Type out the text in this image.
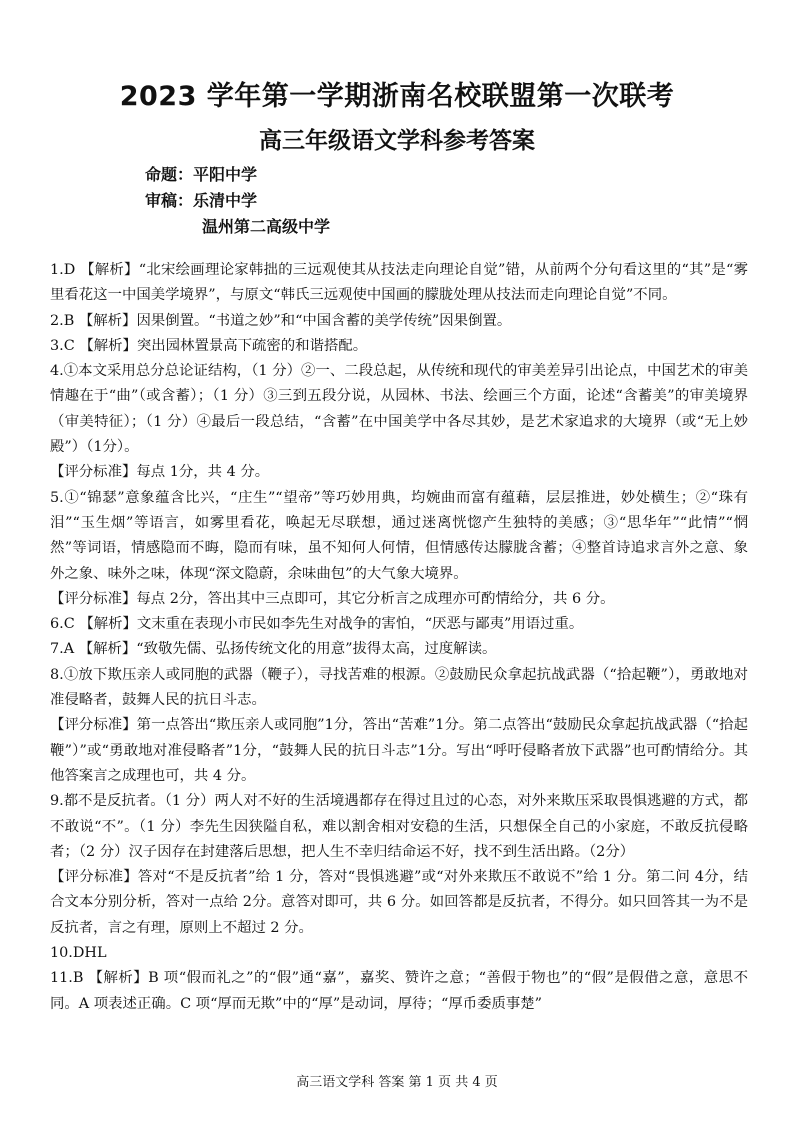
2023 学年第一学期浙南名校联盟第一次联考
高三年级语文学科参考答案
命题：平阳中学
审稿：乐清中学
温州第二高级中学

1.D 【解析】“北宋绘画理论家韩拙的三远观使其从技法走向理论自觉”错，从前两个分句看这里的“其”是“雾里看花这一中国美学境界”，与原文“韩氏三远观使中国画的朦胧处理从技法而走向理论自觉”不同。

2.B 【解析】因果倒置。“书道之妙”和“中国含蓄的美学传统”因果倒置。

3.C 【解析】突出园林置景高下疏密的和谐搭配。

4.①本文采用总分总论证结构，（1 分）②一、二段总起，从传统和现代的审美差异引出论点，中国艺术的审美情趣在于“曲”（或含蓄）；（1 分）③三到五段分说，从园林、书法、绘画三个方面，论述“含蓄美”的审美境界（审美特征）；（1 分）④最后一段总结，“含蓄”在中国美学中各尽其妙，是艺术家追求的大境界（或“无上妙殿”）（1分）。

【评分标准】每点 1分，共 4 分。

5.①“锦瑟”意象蕴含比兴，“庄生”“望帝”等巧妙用典，均婉曲而富有蕴藉，层层推进，妙处横生；②“珠有泪”“玉生烟”等语言，如雾里看花，唤起无尽联想，通过迷离恍惚产生独特的美感；③“思华年”“此情”“惘然”等词语，情感隐而不晦，隐而有味，虽不知何人何情，但情感传达朦胧含蓄；④整首诗追求言外之意、象外之象、味外之味，体现“深文隐蔚，余味曲包”的大气象大境界。

【评分标准】每点 2分，答出其中三点即可，其它分析言之成理亦可酌情给分，共 6 分。

6.C 【解析】文末重在表现小市民如李先生对战争的害怕，“厌恶与鄙夷”用语过重。

7.A 【解析】“致敬先儒、弘扬传统文化的用意”拔得太高，过度解读。

8.①放下欺压亲人或同胞的武器（鞭子），寻找苦难的根源。②鼓励民众拿起抗战武器（“拾起鞭”），勇敢地对准侵略者，鼓舞人民的抗日斗志。

【评分标准】第一点答出“欺压亲人或同胞”1分，答出“苦难”1分。第二点答出“鼓励民众拿起抗战武器（“拾起鞭”）”或“勇敢地对准侵略者”1分，“鼓舞人民的抗日斗志”1分。写出“呼吁侵略者放下武器”也可酌情给分。其他答案言之成理也可，共 4 分。

9.都不是反抗者。（1 分）两人对不好的生活境遇都存在得过且过的心态，对外来欺压采取畏惧逃避的方式，都不敢说“不”。（1 分）李先生因狭隘自私，难以割舍相对安稳的生活，只想保全自己的小家庭，不敢反抗侵略者；（2 分）汉子因存在封建落后思想，把人生不幸归结命运不好，找不到生活出路。（2分）

【评分标准】答对“不是反抗者”给 1 分，答对“畏惧逃避”或“对外来欺压不敢说不”给 1 分。第二问 4分，结合文本分别分析，答对一点给 2分。意答对即可，共 6 分。如回答都是反抗者，不得分。如只回答其一为不是反抗者，言之有理，原则上不超过 2 分。

10.DHL

11.B 【解析】B 项“假而礼之”的“假”通“嘉”，嘉奖、赞许之意；“善假于物也”的“假”是假借之意，意思不同。A 项表述正确。C 项“厚而无欺”中的“厚”是动词，厚待；“厚币委质事楚”

高三语文学科 答案 第 1 页 共 4 页
